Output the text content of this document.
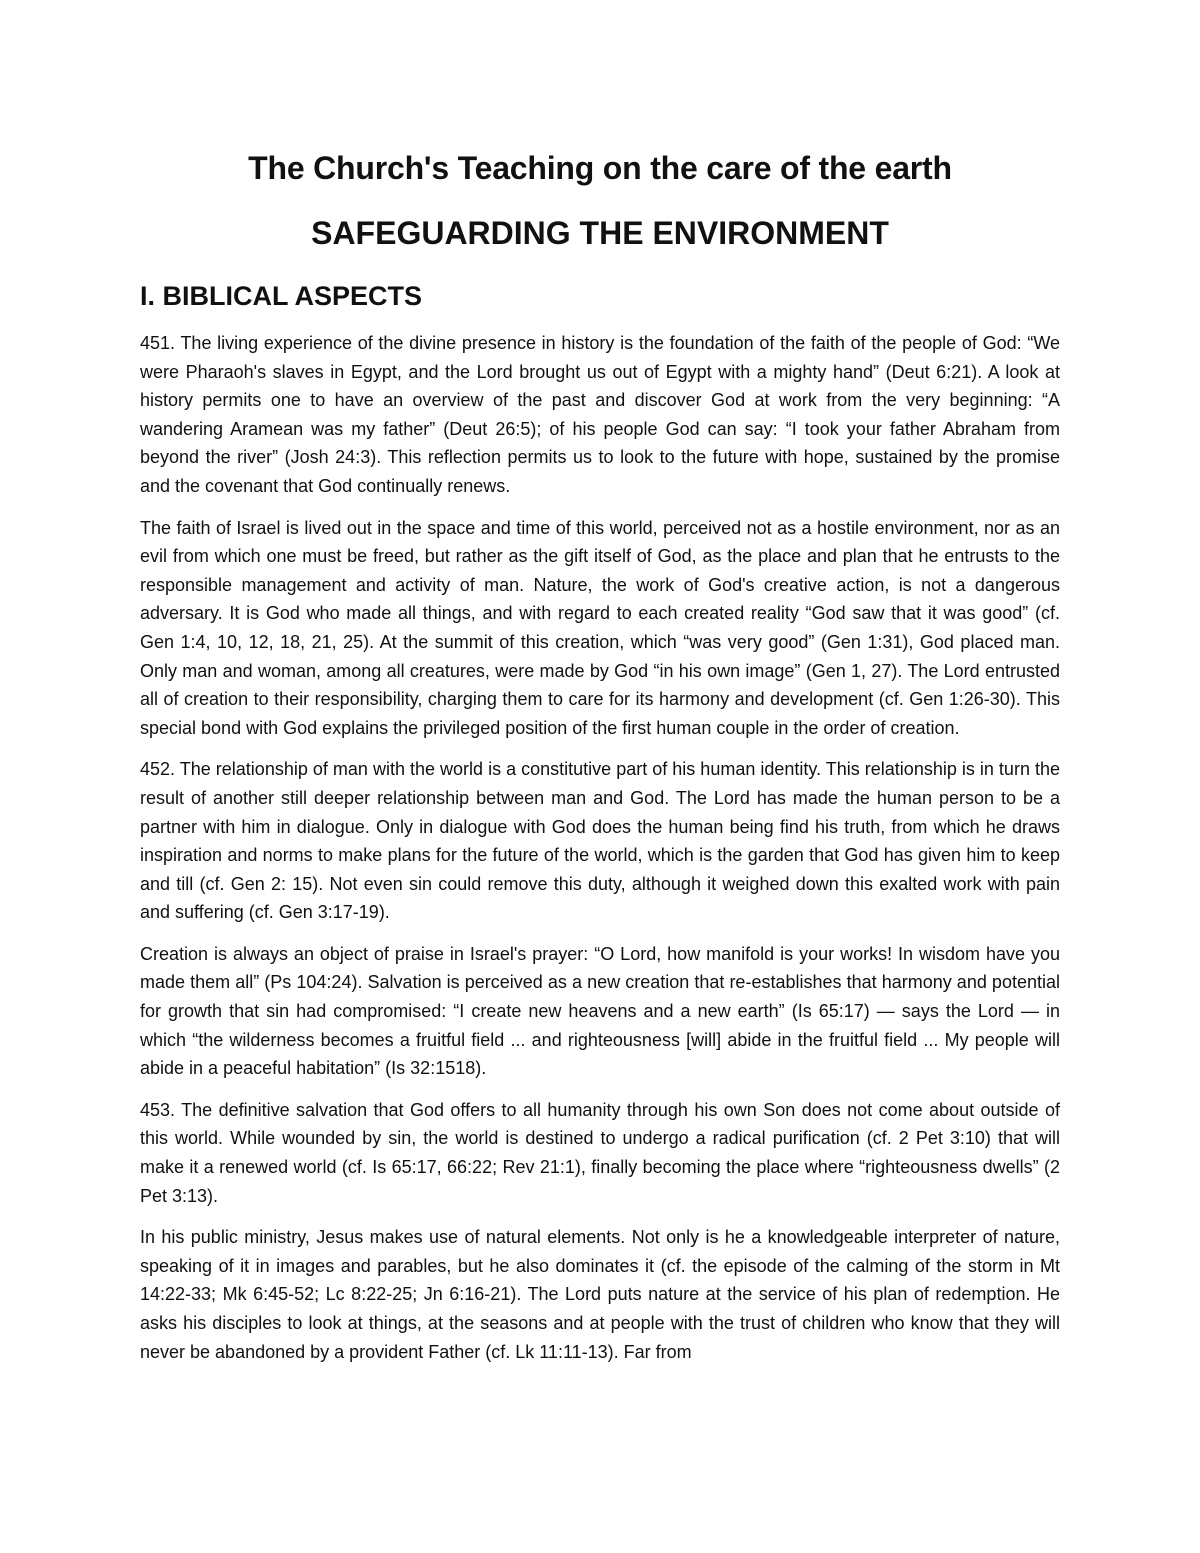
The Church's Teaching on the care of the earth
SAFEGUARDING THE ENVIRONMENT
I. BIBLICAL ASPECTS

451. The living experience of the divine presence in history is the foundation of the faith of the people of God: “We were Pharaoh's slaves in Egypt, and the Lord brought us out of Egypt with a mighty hand” (Deut 6:21). A look at history permits one to have an overview of the past and discover God at work from the very beginning: “A wandering Aramean was my father” (Deut 26:5); of his people God can say: “I took your father Abraham from beyond the river” (Josh 24:3). This reflection permits us to look to the future with hope, sustained by the promise and the covenant that God continually renews.

The faith of Israel is lived out in the space and time of this world, perceived not as a hostile environment, nor as an evil from which one must be freed, but rather as the gift itself of God, as the place and plan that he entrusts to the responsible management and activity of man. Nature, the work of God's creative action, is not a dangerous adversary. It is God who made all things, and with regard to each created reality “God saw that it was good” (cf. Gen 1:4, 10, 12, 18, 21, 25). At the summit of this creation, which “was very good” (Gen 1:31), God placed man. Only man and woman, among all creatures, were made by God “in his own image” (Gen 1, 27). The Lord entrusted all of creation to their responsibility, charging them to care for its harmony and development (cf. Gen 1:26-30). This special bond with God explains the privileged position of the first human couple in the order of creation.

452. The relationship of man with the world is a constitutive part of his human identity. This relationship is in turn the result of another still deeper relationship between man and God. The Lord has made the human person to be a partner with him in dialogue. Only in dialogue with God does the human being find his truth, from which he draws inspiration and norms to make plans for the future of the world, which is the garden that God has given him to keep and till (cf. Gen 2: 15). Not even sin could remove this duty, although it weighed down this exalted work with pain and suffering (cf. Gen 3:17-19).

Creation is always an object of praise in Israel's prayer: “O Lord, how manifold is your works! In wisdom have you made them all” (Ps 104:24). Salvation is perceived as a new creation that re-establishes that harmony and potential for growth that sin had compromised: “I create new heavens and a new earth” (Is 65:17) — says the Lord — in which “the wilderness becomes a fruitful field ... and righteousness [will] abide in the fruitful field ... My people will abide in a peaceful habitation” (Is 32:1518).

453. The definitive salvation that God offers to all humanity through his own Son does not come about outside of this world. While wounded by sin, the world is destined to undergo a radical purification (cf. 2 Pet 3:10) that will make it a renewed world (cf. Is 65:17, 66:22; Rev 21:1), finally becoming the place where “righteousness dwells” (2 Pet 3:13).

In his public ministry, Jesus makes use of natural elements. Not only is he a knowledgeable interpreter of nature, speaking of it in images and parables, but he also dominates it (cf. the episode of the calming of the storm in Mt 14:22-33; Mk 6:45-52; Lc 8:22-25; Jn 6:16-21). The Lord puts nature at the service of his plan of redemption. He asks his disciples to look at things, at the seasons and at people with the trust of children who know that they will never be abandoned by a provident Father (cf. Lk 11:11-13). Far from
